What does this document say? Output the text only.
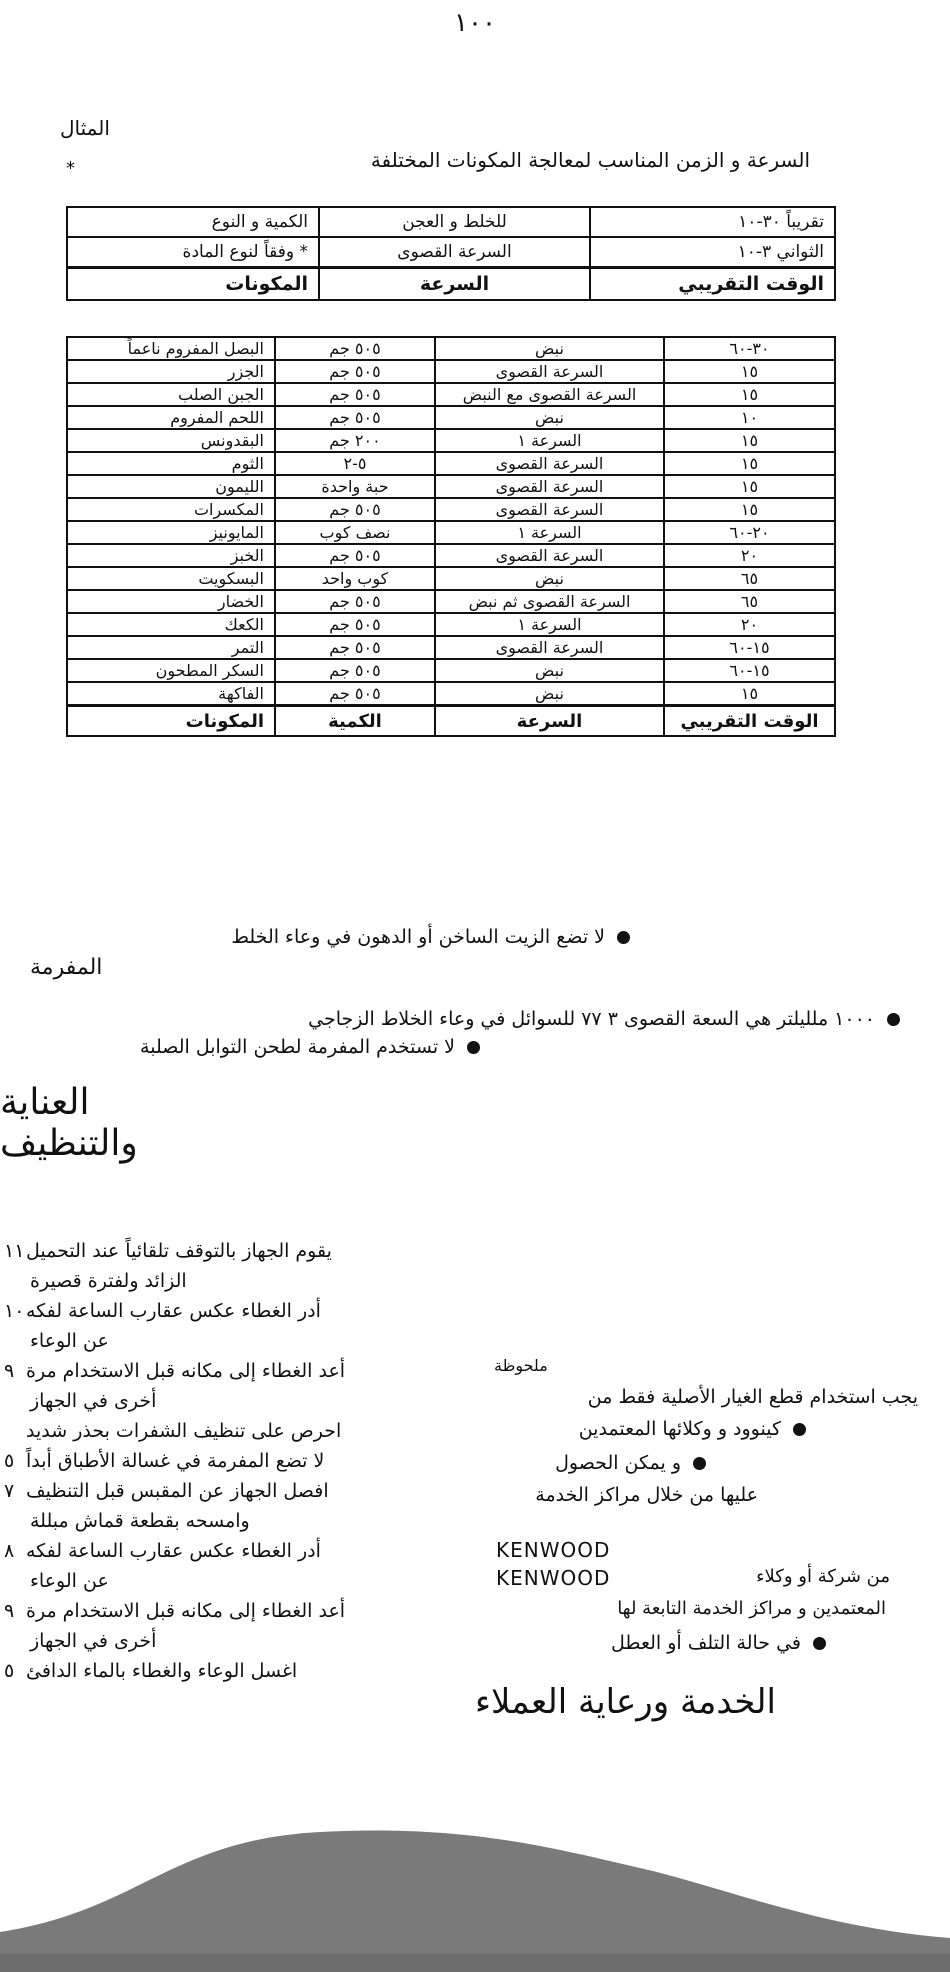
١٠٠
ﺍﻟﻤﺜﺎﻝ
ﺍﻟﺴﺮﻋﺔ ﻭ ﺍﻟﺰﻣﻦ ﺍﻟﻤﻨﺎﺳﺐ ﻟﻤﻌﺎﻟﺠﺔ ﺍﻟﻤﻜﻮﻧﺎﺕ ﺍﻟﻤﺨﺘﻠﻔﺔ
*
ﺗﻘﺮﻳﺒﺎً ٣٠-١٠	ﻟﻠﺨﻠﻂ ﻭ ﺍﻟﻌﺠﻦ	ﺍﻟﻜﻤﻴﺔ ﻭ ﺍﻟﻨﻮﻉ
ﺍﻟﺜﻮﺍﻧﻲ ٣-١٠	ﺍﻟﺴﺮﻋﺔ ﺍﻟﻘﺼﻮﻯ	* ﻭﻓﻘﺎً ﻟﻨﻮﻉ ﺍﻟﻤﺎﺩﺓ
ﺍﻟﻮﻗﺖ ﺍﻟﺘﻘﺮﻳﺒﻲ	ﺍﻟﺴﺮﻋﺔ	ﺍﻟﻤﻜﻮﻧﺎﺕ
٣٠-٦٠	ﻧﺒﺾ	٥٠٥ ﺟﻢ	ﺍﻟﺒﺼﻞ ﺍﻟﻤﻔﺮﻭﻡ ﻧﺎﻋﻤﺎً
١٥	ﺍﻟﺴﺮﻋﺔ ﺍﻟﻘﺼﻮﻯ	٥٠٥ ﺟﻢ	ﺍﻟﺠﺰﺭ
١٥	ﺍﻟﺴﺮﻋﺔ ﺍﻟﻘﺼﻮﻯ ﻣﻊ ﺍﻟﻨﺒﺾ	٥٠٥ ﺟﻢ	ﺍﻟﺠﺒﻦ ﺍﻟﺼﻠﺐ
١٠	ﻧﺒﺾ	٥٠٥ ﺟﻢ	ﺍﻟﻠﺤﻢ ﺍﻟﻤﻔﺮﻭﻡ
١٥	ﺍﻟﺴﺮﻋﺔ ١	٢٠٠ ﺟﻢ	ﺍﻟﺒﻘﺪﻭﻧﺲ
١٥	ﺍﻟﺴﺮﻋﺔ ﺍﻟﻘﺼﻮﻯ	٥-٢	ﺍﻟﺜﻮﻡ
١٥	ﺍﻟﺴﺮﻋﺔ ﺍﻟﻘﺼﻮﻯ	ﺣﺒﺔ ﻭﺍﺣﺪﺓ	ﺍﻟﻠﻴﻤﻮﻥ
١٥	ﺍﻟﺴﺮﻋﺔ ﺍﻟﻘﺼﻮﻯ	٥٠٥ ﺟﻢ	ﺍﻟﻤﻜﺴﺮﺍﺕ
٢٠-٦٠	ﺍﻟﺴﺮﻋﺔ ١	ﻧﺼﻒ ﻛﻮﺏ	ﺍﻟﻤﺎﻳﻮﻧﻴﺰ
٢٠	ﺍﻟﺴﺮﻋﺔ ﺍﻟﻘﺼﻮﻯ	٥٠٥ ﺟﻢ	ﺍﻟﺨﺒﺰ
٦٥	ﻧﺒﺾ	ﻛﻮﺏ ﻭﺍﺣﺪ	ﺍﻟﺒﺴﻜﻮﻳﺖ
٦٥	ﺍﻟﺴﺮﻋﺔ ﺍﻟﻘﺼﻮﻯ ﺛﻢ ﻧﺒﺾ	٥٠٥ ﺟﻢ	ﺍﻟﺨﻀﺎﺭ
٢٠	ﺍﻟﺴﺮﻋﺔ ١	٥٠٥ ﺟﻢ	ﺍﻟﻜﻌﻚ
١٥-٦٠	ﺍﻟﺴﺮﻋﺔ ﺍﻟﻘﺼﻮﻯ	٥٠٥ ﺟﻢ	ﺍﻟﺘﻤﺮ
١٥-٦٠	ﻧﺒﺾ	٥٠٥ ﺟﻢ	ﺍﻟﺴﻜﺮ ﺍﻟﻤﻄﺤﻮﻥ
١٥	ﻧﺒﺾ	٥٠٥ ﺟﻢ	ﺍﻟﻔﺎﻛﻬﺔ
ﺍﻟﻮﻗﺖ ﺍﻟﺘﻘﺮﻳﺒﻲ	ﺍﻟﺴﺮﻋﺔ	ﺍﻟﻜﻤﻴﺔ	ﺍﻟﻤﻜﻮﻧﺎﺕ
ﻻ ﺗﻀﻊ ﺍﻟﺰﻳﺖ ﺍﻟﺴﺎﺧﻦ ﺃﻭ ﺍﻟﺪﻫﻮﻥ ﻓﻲ ﻭﻋﺎﺀ ﺍﻟﺨﻠﻂ
ﺍﻟﻤﻔﺮﻣﺔ
١٠٠٠ ﻣﻠﻠﻴﻠﺘﺮ ﻫﻲ ﺍﻟﺴﻌﺔ ﺍﻟﻘﺼﻮﻯ ٣ ٧٧ ﻟﻠﺴﻮﺍﺋﻞ ﻓﻲ ﻭﻋﺎﺀ ﺍﻟﺨﻼﻁ ﺍﻟﺰﺟﺎﺟﻲ
ﻻ ﺗﺴﺘﺨﺪﻡ ﺍﻟﻤﻔﺮﻣﺔ ﻟﻄﺤﻦ ﺍﻟﺘﻮﺍﺑﻞ ﺍﻟﺼﻠﺒﺔ
ﺍﻟﻌﻨﺎﻳﺔ ﻭﺍﻟﺘﻨﻈﻴﻒ
١١ ﻳﻘﻮﻡ ﺍﻟﺠﻬﺎﺯ ﺑﺎﻟﺘﻮﻗﻒ ﺗﻠﻘﺎﺋﻴﺎً ﻋﻨﺪ ﺍﻟﺘﺤﻤﻴﻞ
ﺍﻟﺰﺍﺋﺪ ﻭﻟﻔﺘﺮﺓ ﻗﺼﻴﺮﺓ
١٠ ﺃﺩﺭ ﺍﻟﻐﻄﺎﺀ ﻋﻜﺲ ﻋﻘﺎﺭﺏ ﺍﻟﺴﺎﻋﺔ ﻟﻔﻜﻪ
ﻋﻦ ﺍﻟﻮﻋﺎﺀ
٩ ﺃﻋﺪ ﺍﻟﻐﻄﺎﺀ ﺇﻟﻰ ﻣﻜﺎﻧﻪ ﻗﺒﻞ ﺍﻻﺳﺘﺨﺪﺍﻡ ﻣﺮﺓ
ﺃﺧﺮﻯ ﻓﻲ ﺍﻟﺠﻬﺎﺯ
ﺍﺣﺮﺹ ﻋﻠﻰ ﺗﻨﻈﻴﻒ ﺍﻟﺸﻔﺮﺍﺕ ﺑﺤﺬﺭ ﺷﺪﻳﺪ
٥ ﻻ ﺗﻀﻊ ﺍﻟﻤﻔﺮﻣﺔ ﻓﻲ ﻏﺴﺎﻟﺔ ﺍﻷﻃﺒﺎﻕ ﺃﺑﺪﺍً
٧ ﺍﻓﺼﻞ ﺍﻟﺠﻬﺎﺯ ﻋﻦ ﺍﻟﻤﻘﺒﺲ ﻗﺒﻞ ﺍﻟﺘﻨﻈﻴﻒ
ﻭﺍﻣﺴﺤﻪ ﺑﻘﻄﻌﺔ ﻗﻤﺎﺵ ﻣﺒﻠﻠﺔ
٨ ﺃﺩﺭ ﺍﻟﻐﻄﺎﺀ ﻋﻜﺲ ﻋﻘﺎﺭﺏ ﺍﻟﺴﺎﻋﺔ ﻟﻔﻜﻪ
ﻋﻦ ﺍﻟﻮﻋﺎﺀ
٩ ﺃﻋﺪ ﺍﻟﻐﻄﺎﺀ ﺇﻟﻰ ﻣﻜﺎﻧﻪ ﻗﺒﻞ ﺍﻻﺳﺘﺨﺪﺍﻡ ﻣﺮﺓ
ﺃﺧﺮﻯ ﻓﻲ ﺍﻟﺠﻬﺎﺯ
٥ ﺍﻏﺴﻞ ﺍﻟﻮﻋﺎﺀ ﻭﺍﻟﻐﻄﺎﺀ ﺑﺎﻟﻤﺎﺀ ﺍﻟﺪﺍﻓﺊ
ﻣﻠﺤﻮﻇﺔ
ﻳﺠﺐ ﺍﺳﺘﺨﺪﺍﻡ ﻗﻄﻊ ﺍﻟﻐﻴﺎﺭ ﺍﻷﺻﻠﻴﺔ ﻓﻘﻂ ﻣﻦ
ﻛﻴﻨﻮﻭﺩ ﻭ ﻭﻛﻼﺋﻬﺎ ﺍﻟﻤﻌﺘﻤﺪﻳﻦ
ﻭ ﻳﻤﻜﻦ ﺍﻟﺤﺼﻮﻝ
ﻋﻠﻴﻬﺎ ﻣﻦ ﺧﻼﻝ ﻣﺮﺍﻛﺰ ﺍﻟﺨﺪﻣﺔ
KENWOOD
KENWOOD	ﻣﻦ ﺷﺮﻛﺔ ﺃﻭ ﻭﻛﻼﺀ
ﺍﻟﻤﻌﺘﻤﺪﻳﻦ ﻭ ﻣﺮﺍﻛﺰ ﺍﻟﺨﺪﻣﺔ ﺍﻟﺘﺎﺑﻌﺔ ﻟﻬﺎ
ﻓﻲ ﺣﺎﻟﺔ ﺍﻟﺘﻠﻒ ﺃﻭ ﺍﻟﻌﻄﻞ
ﺍﻟﺨﺪﻣﺔ ﻭﺭﻋﺎﻳﺔ ﺍﻟﻌﻤﻼﺀ
